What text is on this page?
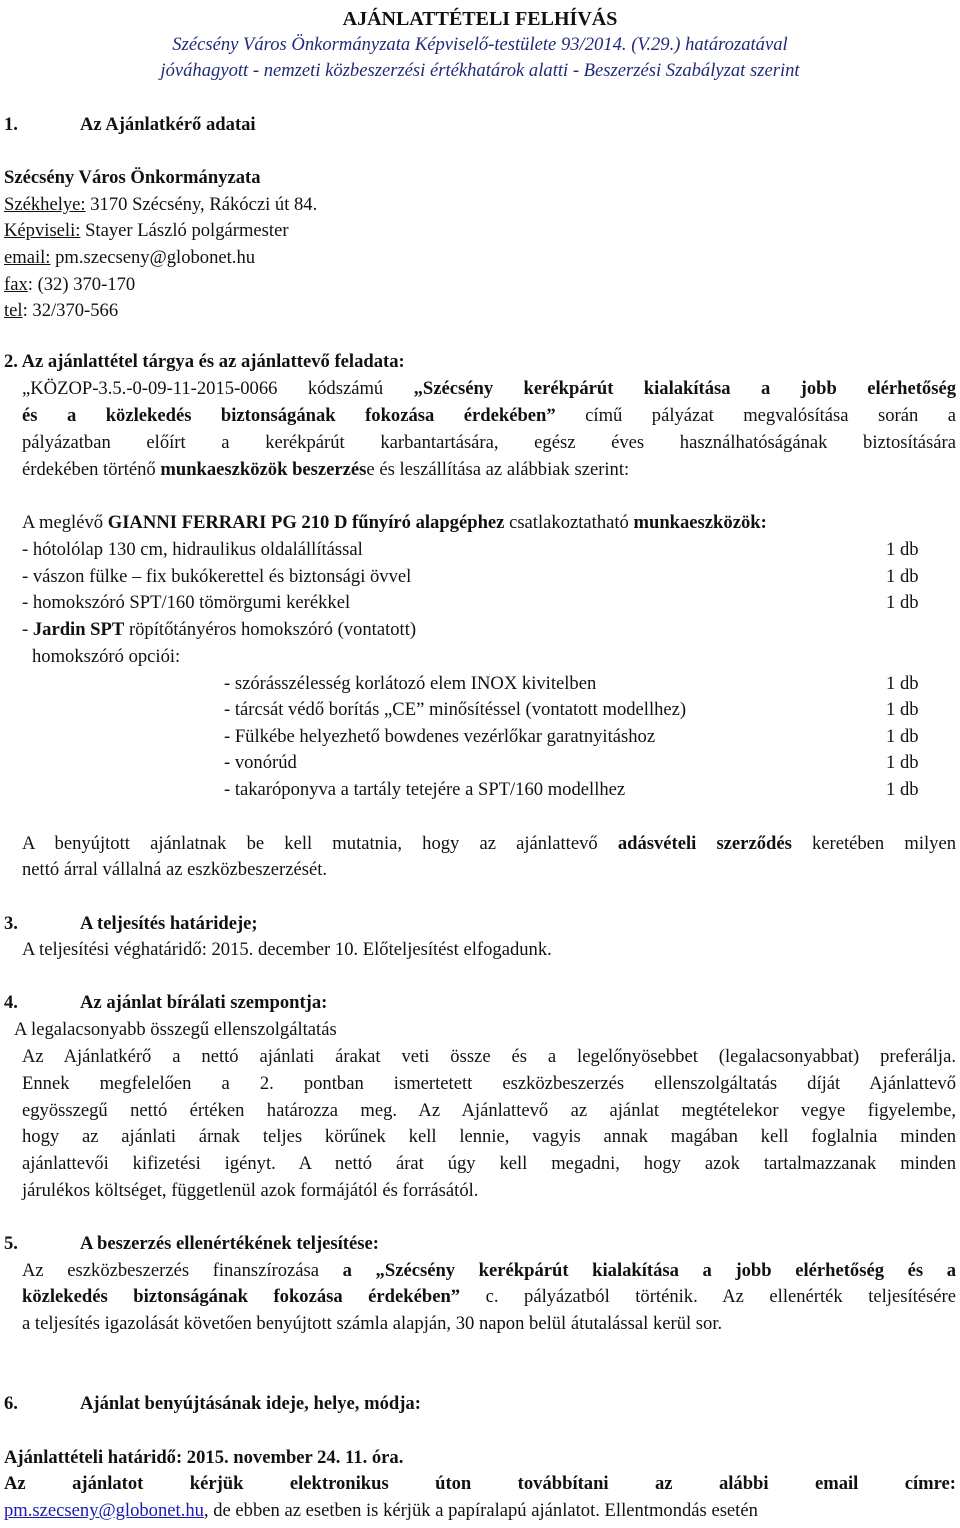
AJÁNLATTÉTELI FELHÍVÁS
Szécsény Város Önkormányzata Képviselő-testülete 93/2014. (V.29.) határozatával
jóváhagyott - nemzeti közbeszerzési értékhatárok alatti - Beszerzési Szabályzat szerint
1.	Az Ajánlatkérő adatai
Szécsény Város Önkormányzata
Székhelye: 3170 Szécsény, Rákóczi út 84.
Képviseli: Stayer László polgármester
email: pm.szecseny@globonet.hu
fax: (32) 370-170
tel: 32/370-566
2. Az ajánlattétel tárgya és az ajánlattevő feladata:
„KÖZOP-3.5.-0-09-11-2015-0066 kódszámú „Szécsény kerékpárút kialakítása a jobb elérhetőség
és a közlekedés biztonságának fokozása érdekében” című pályázat megvalósítása során a
pályázatban előírt a kerékpárút karbantartására, egész éves használhatóságának biztosítására
érdekében történő munkaeszközök beszerzése és leszállítása az alábbiak szerint:
A meglévő GIANNI FERRARI PG 210 D fűnyíró alapgéphez csatlakoztatható munkaeszközök:
- hótolólap 130 cm, hidraulikus oldalállítással	1 db
- vászon fülke – fix bukókerettel és biztonsági övvel	1 db
- homokszóró SPT/160 tömörgumi kerékkel	1 db
- Jardin SPT röpítőtányéros homokszóró (vontatott)
homokszóró opciói:
- szórásszélesség korlátozó elem INOX kivitelben	1 db
- tárcsát védő borítás „CE” minősítéssel (vontatott modellhez)	1 db
- Fülkébe helyezhető bowdenes vezérlőkar garatnyitáshoz	1 db
- vonórúd	1 db
- takaróponyva a tartály tetejére a SPT/160 modellhez	1 db
A benyújtott ajánlatnak be kell mutatnia, hogy az ajánlattevő adásvételi szerződés keretében milyen
nettó árral vállalná az eszközbeszerzését.
3.	A teljesítés határideje;
A teljesítési véghatáridő: 2015. december 10. Előteljesítést elfogadunk.
4.	Az ajánlat bírálati szempontja:
A legalacsonyabb összegű ellenszolgáltatás
Az Ajánlatkérő a nettó ajánlati árakat veti össze és a legelőnyösebbet (legalacsonyabbat) preferálja.
Ennek megfelelően a 2. pontban ismertetett eszközbeszerzés ellenszolgáltatás díját Ajánlattevő
egyösszegű nettó értéken határozza meg. Az Ajánlattevő az ajánlat megtételekor vegye figyelembe,
hogy az ajánlati árnak teljes körűnek kell lennie, vagyis annak magában kell foglalnia minden
ajánlattevői kifizetési igényt. A nettó árat úgy kell megadni, hogy azok tartalmazzanak minden
járulékos költséget, függetlenül azok formájától és forrásától.
5.	A beszerzés ellenértékének teljesítése:
Az eszközbeszerzés finanszírozása a „Szécsény kerékpárút kialakítása a jobb elérhetőség és a
közlekedés biztonságának fokozása érdekében” c. pályázatból történik. Az ellenérték teljesítésére
a teljesítés igazolását követően benyújtott számla alapján, 30 napon belül átutalással kerül sor.
6.	Ajánlat benyújtásának ideje, helye, módja:
Ajánlattételi határidő: 2015. november 24. 11. óra.
Az ajánlatot kérjük elektronikus úton továbbítani az alábbi email címre:
pm.szecseny@globonet.hu, de ebben az esetben is kérjük a papíralapú ajánlatot. Ellentmondás esetén
